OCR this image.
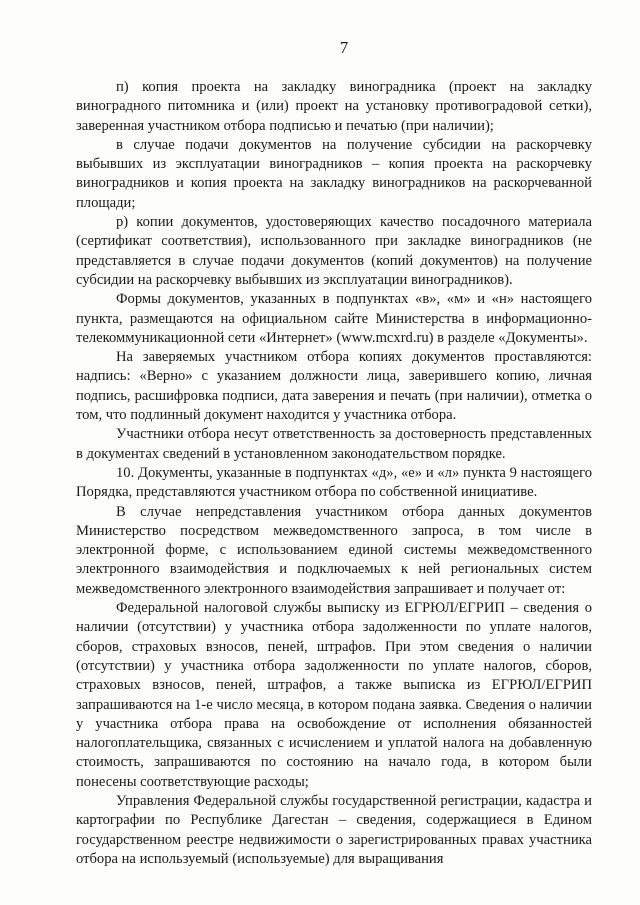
7

п) копия проекта на закладку виноградника (проект на закладку виноградного питомника и (или) проект на установку противоградовой сетки), заверенная участником отбора подписью и печатью (при наличии);

в случае подачи документов на получение субсидии на раскорчевку выбывших из эксплуатации виноградников – копия проекта на раскорчевку виноградников и копия проекта на закладку виноградников на раскорчеванной площади;

р) копии документов, удостоверяющих качество посадочного материала (сертификат соответствия), использованного при закладке виноградников (не представляется в случае подачи документов (копий документов) на получение субсидии на раскорчевку выбывших из эксплуатации виноградников).

Формы документов, указанных в подпунктах «в», «м» и «н» настоящего пункта, размещаются на официальном сайте Министерства в информационно-телекоммуникационной сети «Интернет» (www.mcxrd.ru) в разделе «Документы».

На заверяемых участником отбора копиях документов проставляются: надпись: «Верно» с указанием должности лица, заверившего копию, личная подпись, расшифровка подписи, дата заверения и печать (при наличии), отметка о том, что подлинный документ находится у участника отбора.

Участники отбора несут ответственность за достоверность представленных в документах сведений в установленном законодательством порядке.

10. Документы, указанные в подпунктах «д», «е» и «л» пункта 9 настоящего Порядка, представляются участником отбора по собственной инициативе.

В случае непредставления участником отбора данных документов Министерство посредством межведомственного запроса, в том числе в электронной форме, с использованием единой системы межведомственного электронного взаимодействия и подключаемых к ней региональных систем межведомственного электронного взаимодействия запрашивает и получает от:

Федеральной налоговой службы выписку из ЕГРЮЛ/ЕГРИП – сведения о наличии (отсутствии) у участника отбора задолженности по уплате налогов, сборов, страховых взносов, пеней, штрафов. При этом сведения о наличии (отсутствии) у участника отбора задолженности по уплате налогов, сборов, страховых взносов, пеней, штрафов, а также выписка из ЕГРЮЛ/ЕГРИП запрашиваются на 1-е число месяца, в котором подана заявка. Сведения о наличии у участника отбора права на освобождение от исполнения обязанностей налогоплательщика, связанных с исчислением и уплатой налога на добавленную стоимость, запрашиваются по состоянию на начало года, в котором были понесены соответствующие расходы;

Управления Федеральной службы государственной регистрации, кадастра и картографии по Республике Дагестан – сведения, содержащиеся в Едином государственном реестре недвижимости о зарегистрированных правах участника отбора на используемый (используемые) для выращивания
